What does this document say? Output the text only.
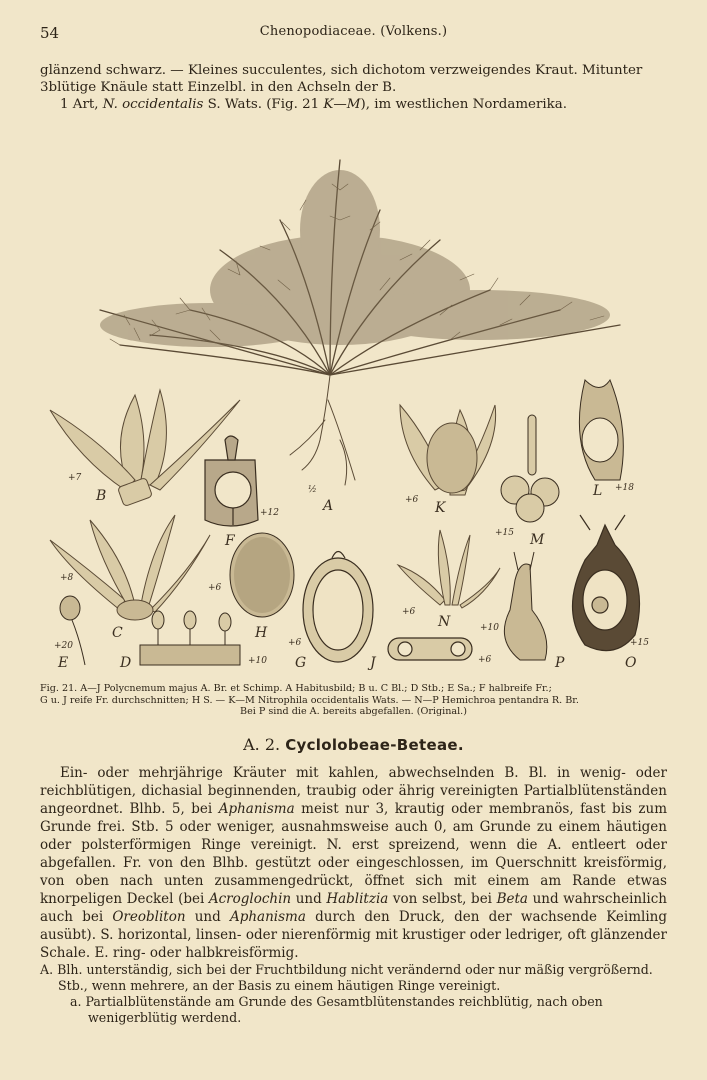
54	Chenopodiaceae. (Volkens.)

glänzend schwarz. — Kleines succulentes, sich dichotom verzweigendes Kraut. Mitunter 3blütige Knäule statt Einzelbl. in den Achseln der B.

1 Art, N. occidentalis S. Wats. (Fig. 21 K—M), im westlichen Nordamerika.

B
F
A	K
L
M
C	H
E	D	G
N
J	P	O
+7
+12
½
+6
+18
+15
+8
+6
+20
+10
+6
+6
+6
+10
+15

Fig. 21. A—J Polycnemum majus A. Br. et Schimp. A Habitusbild; B u. C Bl.; D Stb.; E Sa.; F halbreife Fr.;

G u. J reife Fr. durchschnitten; H S. — K—M Nitrophila occidentalis Wats. — N—P Hemichroa pentandra R. Br.

Bei P sind die A. bereits abgefallen. (Original.)

A. 2. Cyclolobeae-Beteae.

Ein- oder mehrjährige Kräuter mit kahlen, abwechselnden B. Bl. in wenig- oder reichblütigen, dichasial beginnenden, traubig oder ährig vereinigten Partialblütenständen angeordnet. Blhb. 5, bei Aphanisma meist nur 3, krautig oder membranös, fast bis zum Grunde frei. Stb. 5 oder weniger, ausnahmsweise auch 0, am Grunde zu einem häutigen oder polsterförmigen Ringe vereinigt. N. erst spreizend, wenn die A. entleert oder abgefallen. Fr. von den Blhb. gestützt oder eingeschlossen, im Querschnitt kreisförmig, von oben nach unten zusammengedrückt, öffnet sich mit einem am Rande etwas knorpeligen Deckel (bei Acroglochin und Hablitzia von selbst, bei Beta und wahrscheinlich auch bei Oreobliton und Aphanisma durch den Druck, den der wachsende Keimling ausübt). S. horizontal, linsen- oder nierenförmig mit krustiger oder ledriger, oft glänzender Schale. E. ring- oder halbkreisförmig.

A. Blh. unterständig, sich bei der Fruchtbildung nicht verändernd oder nur mäßig vergrößernd. Stb., wenn mehrere, an der Basis zu einem häutigen Ringe vereinigt.

a. Partialblütenstände am Grunde des Gesamtblütenstandes reichblütig, nach oben wenigerblütig werdend.
